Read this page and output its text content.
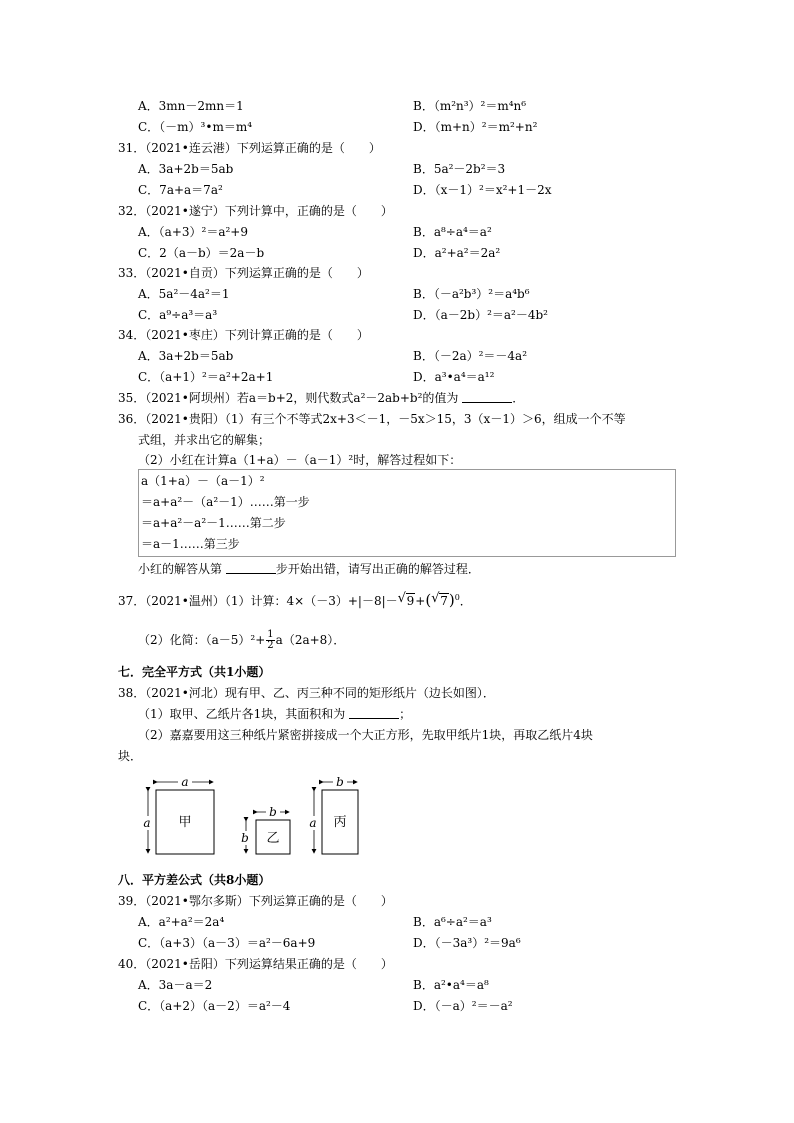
A．3mn－2mn＝1	B．（m²n³）²＝m⁴n⁶
C．（－m）³•m＝m⁴	D．（m+n）²＝m²+n²
31．（2021•连云港）下列运算正确的是（　　）
A．3a+2b＝5ab	B．5a²－2b²＝3
C．7a+a＝7a²	D．（x－1）²＝x²+1－2x
32．（2021•遂宁）下列计算中，正确的是（　　）
A．（a+3）²＝a²+9	B．a⁸÷a⁴＝a²
C．2（a－b）＝2a－b	D．a²+a²＝2a²
33．（2021•自贡）下列运算正确的是（　　）
A．5a²－4a²＝1	B．（－a²b³）²＝a⁴b⁶
C．a⁹÷a³＝a³	D．（a－2b）²＝a²－4b²
34．（2021•枣庄）下列计算正确的是（　　）
A．3a+2b＝5ab	B．（－2a）²＝－4a²
C．（a+1）²＝a²+2a+1	D．a³•a⁴＝a¹²
35．（2021•阿坝州）若a＝b+2，则代数式a²－2ab+b²的值为	．
36．（2021•贵阳）（1）有三个不等式2x+3＜－1，－5x＞15，3（x－1）＞6，组成一个不等
式组，并求出它的解集；
（2）小红在计算a（1+a）－（a－1）²时，解答过程如下：
a（1+a）－（a－1）²
＝a+a²－（a²－1）……第一步
＝a+a²－a²－1……第二步
＝a－1……第三步
小红的解答从第	步开始出错，请写出正确的解答过程．
37．（2021•温州）（1）计算：4×（－3）+|－8|－ √ 9+( √ 7)$^0$．
（2）化简：$(a-5)^2+ \frac{1}{2} a(2a+8)$．
七．完全平方式（共1小题）
38．（2021•河北）现有甲、乙、丙三种不同的矩形纸片（边长如图）．
（1）取甲、乙纸片各1块，其面积和为	；
（2）嘉嘉要用这三种纸片紧密拼接成一个大正方形，先取甲纸片1块，再取乙纸片4块
块．
a
a 甲
b
b 乙
b
a 丙
八．平方差公式（共8小题）
39．（2021•鄂尔多斯）下列运算正确的是（　　）
A．a²+a²＝2a⁴	B．a⁶÷a²＝a³
C．（a+3）（a－3）＝a²－6a+9	D．（－3a³）²＝9a⁶
40．（2021•岳阳）下列运算结果正确的是（　　）
A．3a－a＝2	B．a²•a⁴＝a⁸
C．（a+2）（a－2）＝a²－4	D．（－a）²＝－a²
